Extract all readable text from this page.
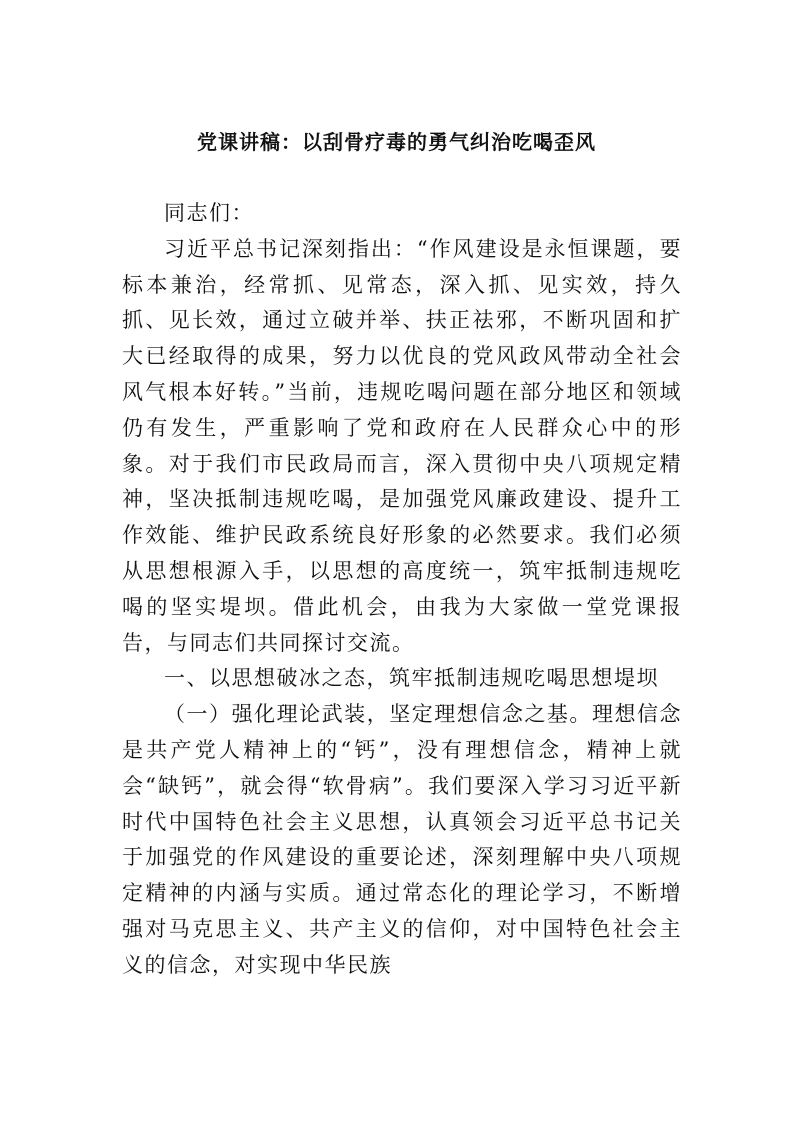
党课讲稿：以刮骨疗毒的勇气纠治吃喝歪风

同志们：

习近平总书记深刻指出：“作风建设是永恒课题，要标本兼治，经常抓、见常态，深入抓、见实效，持久抓、见长效，通过立破并举、扶正祛邪，不断巩固和扩大已经取得的成果，努力以优良的党风政风带动全社会风气根本好转。”当前，违规吃喝问题在部分地区和领域仍有发生，严重影响了党和政府在人民群众心中的形象。对于我们市民政局而言，深入贯彻中央八项规定精神，坚决抵制违规吃喝，是加强党风廉政建设、提升工作效能、维护民政系统良好形象的必然要求。我们必须从思想根源入手，以思想的高度统一，筑牢抵制违规吃喝的坚实堤坝。借此机会，由我为大家做一堂党课报告，与同志们共同探讨交流。

一、以思想破冰之态，筑牢抵制违规吃喝思想堤坝

（一）强化理论武装，坚定理想信念之基。理想信念是共产党人精神上的“钙”，没有理想信念，精神上就会“缺钙”，就会得“软骨病”。我们要深入学习习近平新时代中国特色社会主义思想，认真领会习近平总书记关于加强党的作风建设的重要论述，深刻理解中央八项规定精神的内涵与实质。通过常态化的理论学习，不断增强对马克思主义、共产主义的信仰，对中国特色社会主义的信念，对实现中华民族
